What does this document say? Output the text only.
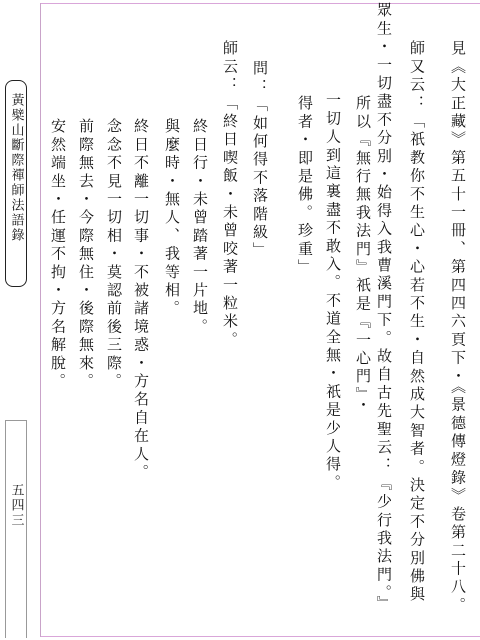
黃檗山斷際禪師法語錄
五四三	見《大正藏》第五十一冊、第四四六頁下・《景德傳燈錄》卷第二十八。
師又云：「祇教你不生心・心若不生・自然成大智者。決定不分別佛與
眾生・一切盡不分別・始得入我曹溪門下。故自古先聖云：『少行我法門。』
所以『無行無我法門』祇是『一心門』・
一切人到這裏盡不敢入。不道全無・祇是少人得。
得者・即是佛。珍重」
問：「如何得不落階級」
師云：「終日喫飯・未曾咬著一粒米。
終日行・未曾踏著一片地。
與麼時・無人、我等相。
終日不離一切事・不被諸境惑・方名自在人。
念念不見一切相・莫認前後三際。
前際無去・今際無住・後際無來。
安然端坐・任運不拘・方名解脫。
